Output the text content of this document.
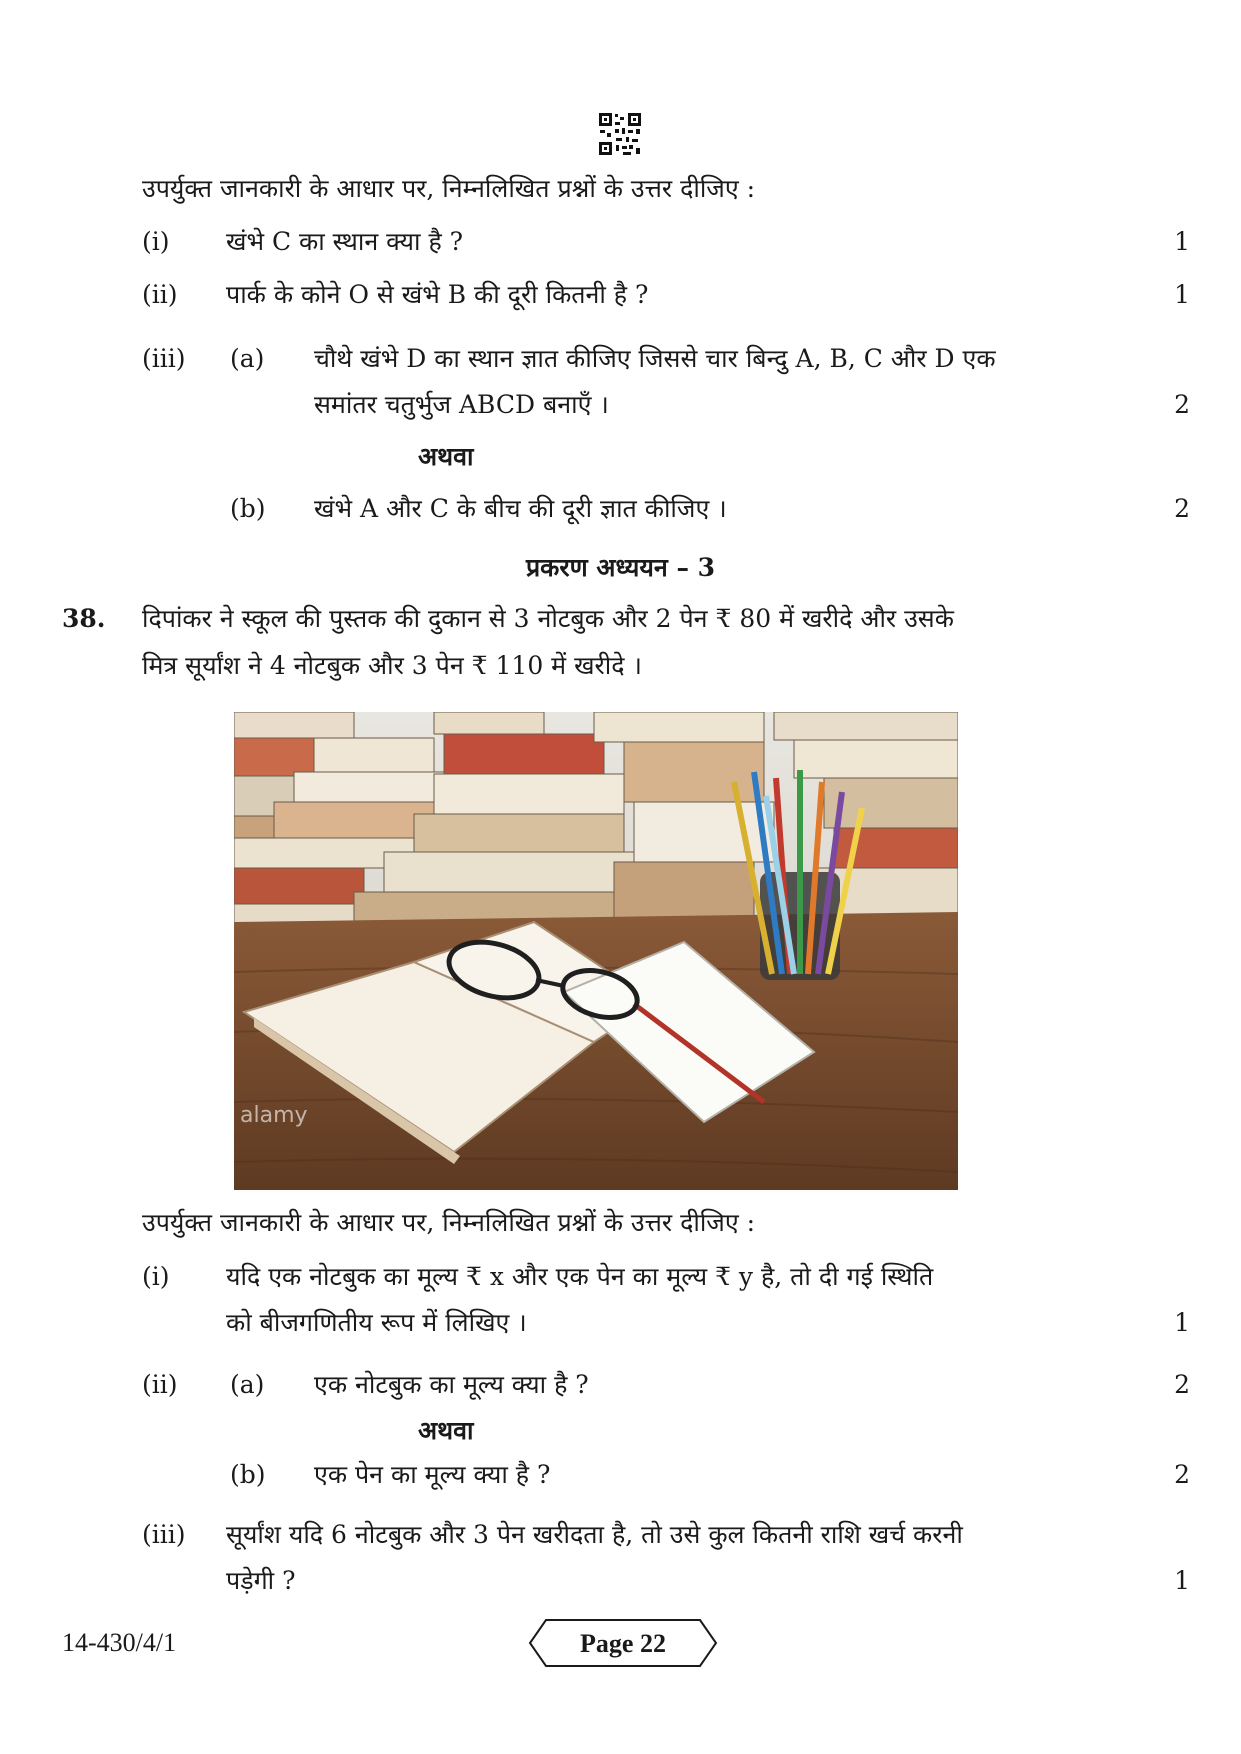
उपर्युक्त जानकारी के आधार पर, निम्नलिखित प्रश्नों के उत्तर दीजिए :
(i) खंभे C का स्थान क्या है ?	1
(ii) पार्क के कोने O से खंभे B की दूरी कितनी है ?	1
(iii) (a) चौथे खंभे D का स्थान ज्ञात कीजिए जिससे चार बिन्दु A, B, C और D एक
समांतर चतुर्भुज ABCD बनाएँ ।	2
अथवा
(b) खंभे A और C के बीच की दूरी ज्ञात कीजिए ।	2
प्रकरण अध्ययन – 3
38. दिपांकर ने स्कूल की पुस्तक की दुकान से 3 नोटबुक और 2 पेन ₹ 80 में खरीदे और उसके
मित्र सूर्यांश ने 4 नोटबुक और 3 पेन ₹ 110 में खरीदे ।
alamy
उपर्युक्त जानकारी के आधार पर, निम्नलिखित प्रश्नों के उत्तर दीजिए :
(i) यदि एक नोटबुक का मूल्य ₹ x और एक पेन का मूल्य ₹ y है, तो दी गई स्थिति
को बीजगणितीय रूप में लिखिए ।	1
(ii) (a) एक नोटबुक का मूल्य क्या है ?	2
अथवा
(b) एक पेन का मूल्य क्या है ?	2
(iii) सूर्यांश यदि 6 नोटबुक और 3 पेन खरीदता है, तो उसे कुल कितनी राशि खर्च करनी
पड़ेगी ?	1
14-430/4/1	Page 22
